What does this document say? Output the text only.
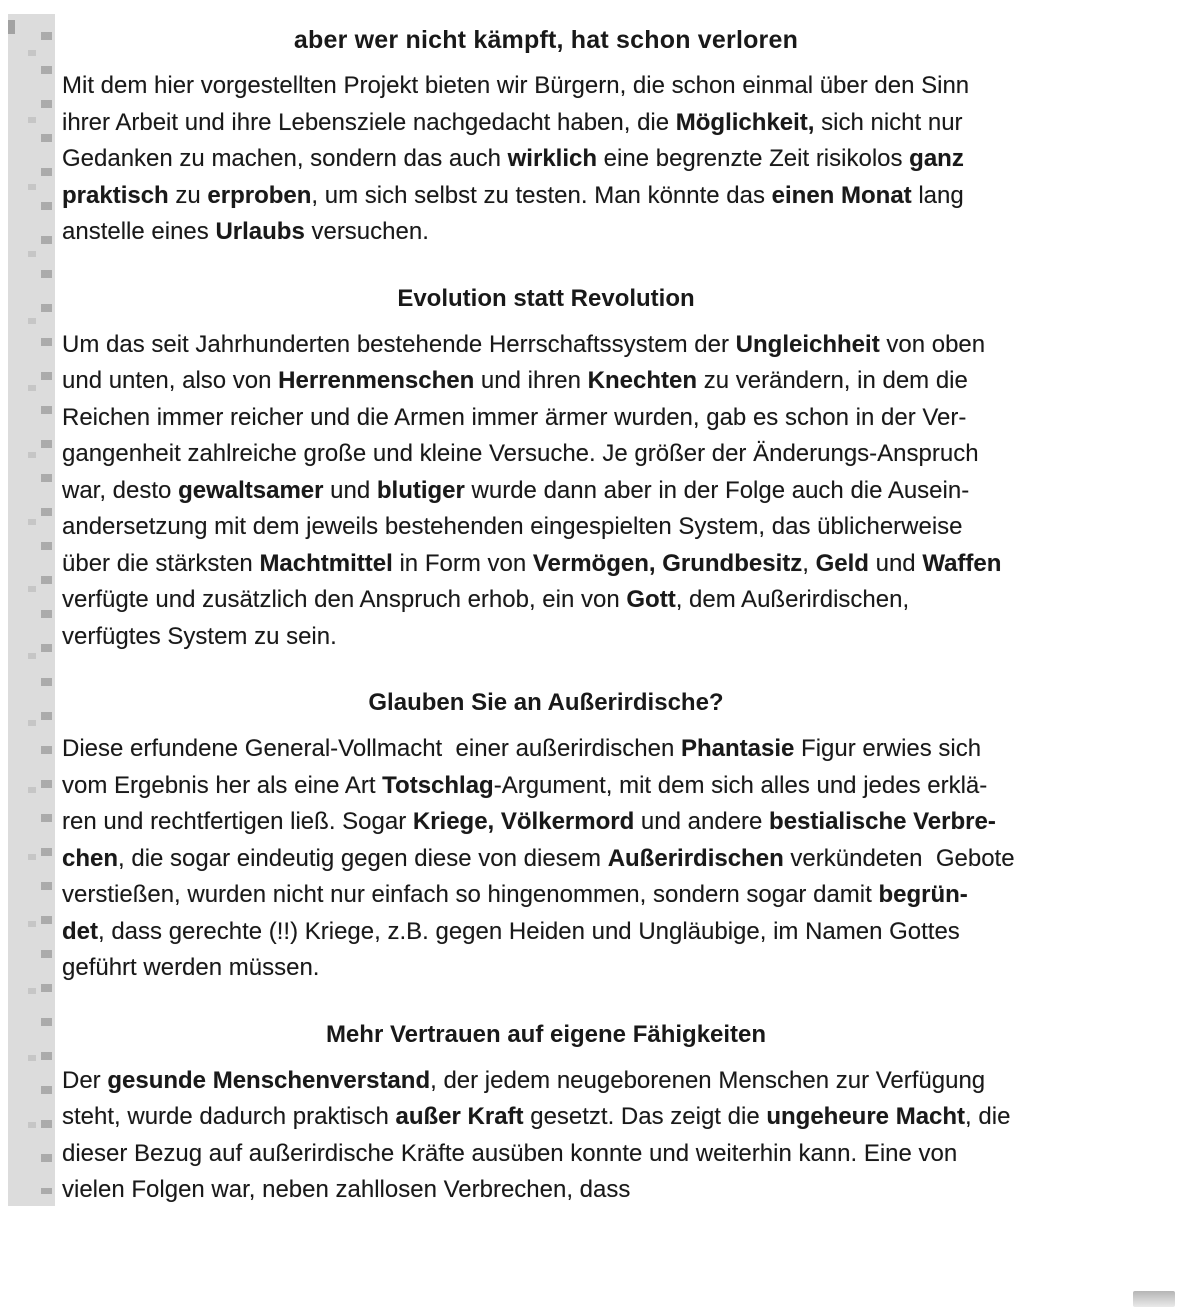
aber wer nicht kämpft, hat schon verloren
Mit dem hier vorgestellten Projekt bieten wir Bürgern, die schon einmal über den Sinn
ihrer Arbeit und ihre Lebensziele nachgedacht haben, die Möglichkeit, sich nicht nur
Gedanken zu machen, sondern das auch wirklich eine begrenzte Zeit risikolos ganz
praktisch zu erproben, um sich selbst zu testen. Man könnte das einen Monat lang
anstelle eines Urlaubs versuchen.
Evolution statt Revolution
Um das seit Jahrhunderten bestehende Herrschaftssystem der Ungleichheit von oben
und unten, also von Herrenmenschen und ihren Knechten zu verändern, in dem die
Reichen immer reicher und die Armen immer ärmer wurden, gab es schon in der Ver-
gangenheit zahlreiche große und kleine Versuche. Je größer der Änderungs-Anspruch
war, desto gewaltsamer und blutiger wurde dann aber in der Folge auch die Ausein-
andersetzung mit dem jeweils bestehenden eingespielten System, das üblicherweise
über die stärksten Machtmittel in Form von Vermögen, Grundbesitz, Geld und Waffen
verfügte und zusätzlich den Anspruch erhob, ein von Gott, dem Außerirdischen,
verfügtes System zu sein.
Glauben Sie an Außerirdische?
Diese erfundene General-Vollmacht  einer außerirdischen Phantasie Figur erwies sich
vom Ergebnis her als eine Art Totschlag-Argument, mit dem sich alles und jedes erklä-
ren und rechtfertigen ließ. Sogar Kriege, Völkermord und andere bestialische Verbre-
chen, die sogar eindeutig gegen diese von diesem Außerirdischen verkündeten  Gebote
verstießen, wurden nicht nur einfach so hingenommen, sondern sogar damit begrün-
det, dass gerechte (!!) Kriege, z.B. gegen Heiden und Ungläubige, im Namen Gottes
geführt werden müssen.
Mehr Vertrauen auf eigene Fähigkeiten
Der gesunde Menschenverstand, der jedem neugeborenen Menschen zur Verfügung
steht, wurde dadurch praktisch außer Kraft gesetzt. Das zeigt die ungeheure Macht, die
dieser Bezug auf außerirdische Kräfte ausüben konnte und weiterhin kann. Eine von
vielen Folgen war, neben zahllosen Verbrechen, dass
